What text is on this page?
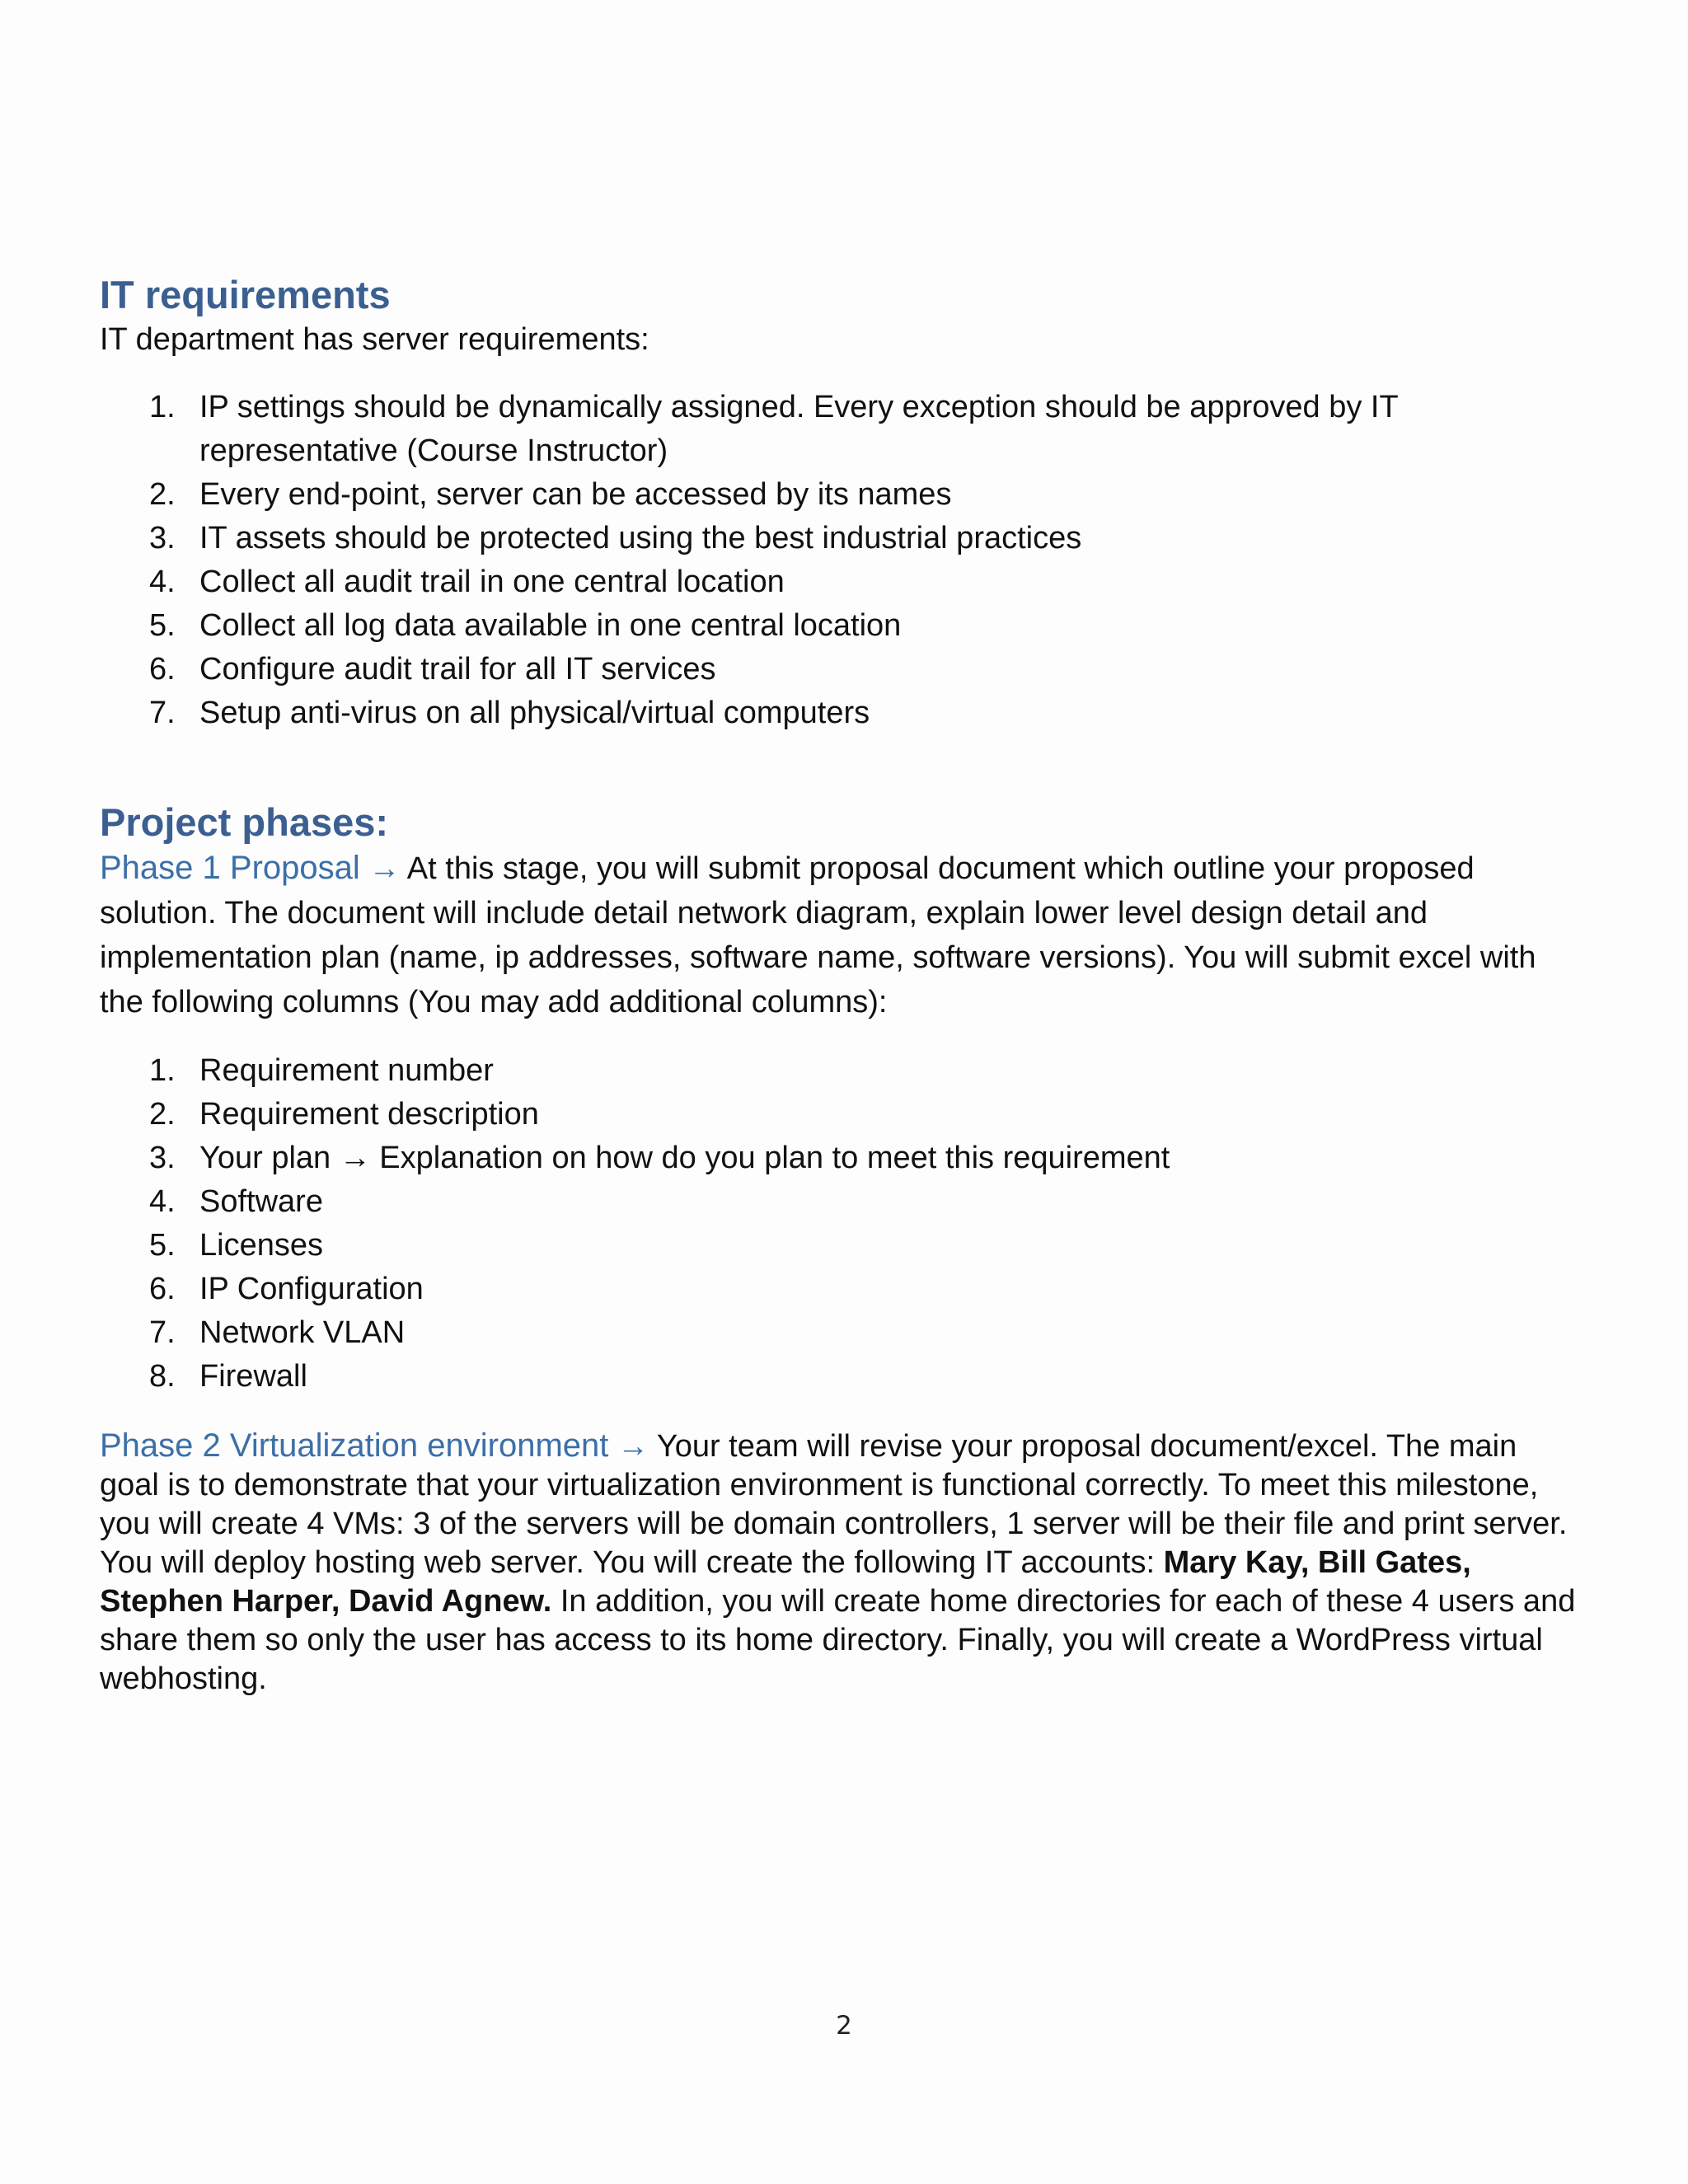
IT requirements

IT department has server requirements:

1. IP settings should be dynamically assigned. Every exception should be approved by IT representative (Course Instructor)
2. Every end-point, server can be accessed by its names
3. IT assets should be protected using the best industrial practices
4. Collect all audit trail in one central location
5. Collect all log data available in one central location
6. Configure audit trail for all IT services
7. Setup anti-virus on all physical/virtual computers
Project phases:

Phase 1 Proposal → At this stage, you will submit proposal document which outline your proposed solution. The document will include detail network diagram, explain lower level design detail and implementation plan (name, ip addresses, software name, software versions). You will submit excel with the following columns (You may add additional columns):

1. Requirement number
2. Requirement description
3. Your plan → Explanation on how do you plan to meet this requirement
4. Software
5. Licenses
6. IP Configuration
7. Network VLAN
8. Firewall

Phase 2 Virtualization environment → Your team will revise your proposal document/excel. The main goal is to demonstrate that your virtualization environment is functional correctly. To meet this milestone, you will create 4 VMs: 3 of the servers will be domain controllers, 1 server will be their file and print server. You will deploy hosting web server. You will create the following IT accounts: Mary Kay, Bill Gates, Stephen Harper, David Agnew. In addition, you will create home directories for each of these 4 users and share them so only the user has access to its home directory. Finally, you will create a WordPress virtual webhosting.

2
